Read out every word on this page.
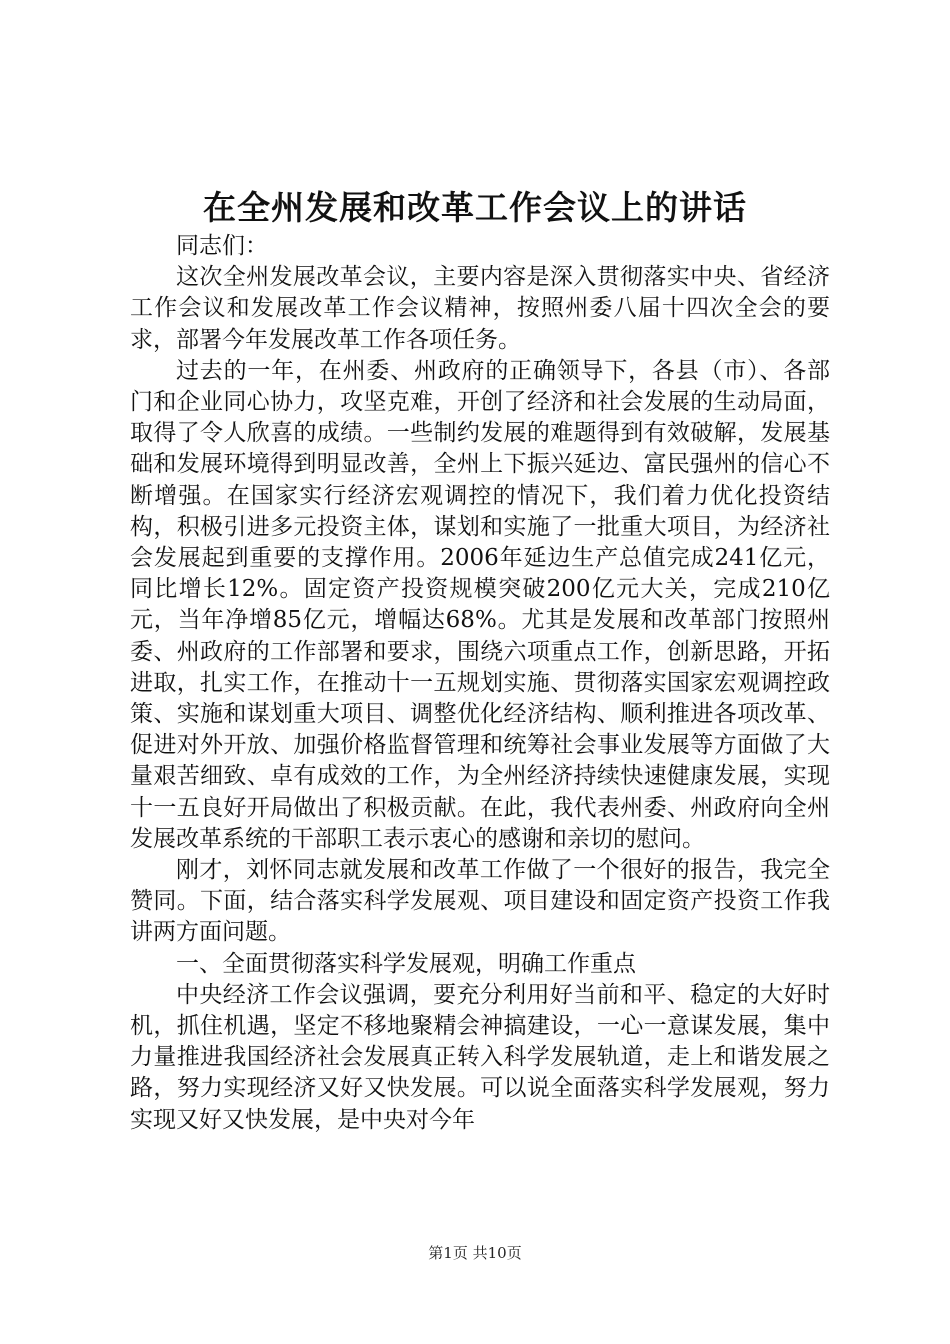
在全州发展和改革工作会议上的讲话

同志们：

这次全州发展改革会议，主要内容是深入贯彻落实中央、省经济工作会议和发展改革工作会议精神，按照州委八届十四次全会的要求，部署今年发展改革工作各项任务。

过去的一年，在州委、州政府的正确领导下，各县（市）、各部门和企业同心协力，攻坚克难，开创了经济和社会发展的生动局面，取得了令人欣喜的成绩。一些制约发展的难题得到有效破解，发展基础和发展环境得到明显改善，全州上下振兴延边、富民强州的信心不断增强。在国家实行经济宏观调控的情况下，我们着力优化投资结构，积极引进多元投资主体，谋划和实施了一批重大项目，为经济社会发展起到重要的支撑作用。2006年延边生产总值完成241亿元，同比增长12%。固定资产投资规模突破200亿元大关，完成210亿元，当年净增85亿元，增幅达68%。尤其是发展和改革部门按照州委、州政府的工作部署和要求，围绕六项重点工作，创新思路，开拓进取，扎实工作，在推动十一五规划实施、贯彻落实国家宏观调控政策、实施和谋划重大项目、调整优化经济结构、顺利推进各项改革、促进对外开放、加强价格监督管理和统筹社会事业发展等方面做了大量艰苦细致、卓有成效的工作，为全州经济持续快速健康发展，实现十一五良好开局做出了积极贡献。在此，我代表州委、州政府向全州发展改革系统的干部职工表示衷心的感谢和亲切的慰问。

刚才，刘怀同志就发展和改革工作做了一个很好的报告，我完全赞同。下面，结合落实科学发展观、项目建设和固定资产投资工作我讲两方面问题。

一、全面贯彻落实科学发展观，明确工作重点

中央经济工作会议强调，要充分利用好当前和平、稳定的大好时机，抓住机遇，坚定不移地聚精会神搞建设，一心一意谋发展，集中力量推进我国经济社会发展真正转入科学发展轨道，走上和谐发展之路，努力实现经济又好又快发展。可以说全面落实科学发展观，努力实现又好又快发展，是中央对今年

第1页 共10页
